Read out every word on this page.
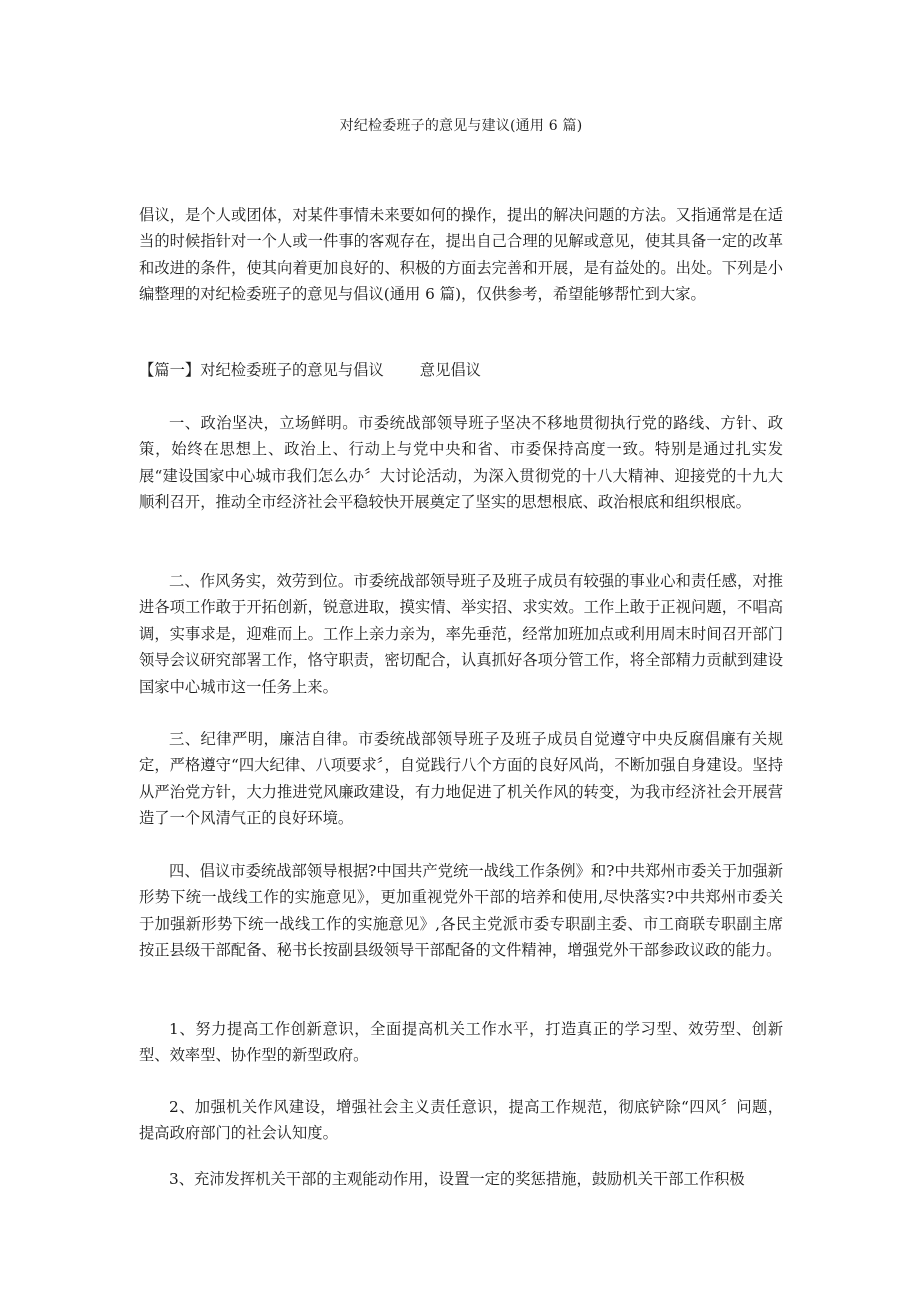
对纪检委班子的意见与建议(通用 6 篇)

倡议，是个人或团体，对某件事情未来要如何的操作，提出的解决问题的方法。又指通常是在适当的时候指针对一个人或一件事的客观存在，提出自己合理的见解或意见，使其具备一定的改革和改进的条件，使其向着更加良好的、积极的方面去完善和开展，是有益处的。出处。下列是小编整理的对纪检委班子的意见与倡议(通用 6 篇)，仅供参考，希望能够帮忙到大家。

【篇一】对纪检委班子的意见与倡议 意见倡议

一、政治坚决，立场鲜明。市委统战部领导班子坚决不移地贯彻执行党的路线、方针、政策，始终在思想上、政治上、行动上与党中央和省、市委保持高度一致。特别是通过扎实发展“建设国家中心城市我们怎么办〞大讨论活动，为深入贯彻党的十八大精神、迎接党的十九大顺利召开，推动全市经济社会平稳较快开展奠定了坚实的思想根底、政治根底和组织根底。

二、作风务实，效劳到位。市委统战部领导班子及班子成员有较强的事业心和责任感，对推进各项工作敢于开拓创新，锐意进取，摸实情、举实招、求实效。工作上敢于正视问题，不唱高调，实事求是，迎难而上。工作上亲力亲为，率先垂范，经常加班加点或利用周末时间召开部门领导会议研究部署工作，恪守职责，密切配合，认真抓好各项分管工作，将全部精力贡献到建设国家中心城市这一任务上来。

三、纪律严明，廉洁自律。市委统战部领导班子及班子成员自觉遵守中央反腐倡廉有关规定，严格遵守“四大纪律、八项要求〞，自觉践行八个方面的良好风尚，不断加强自身建设。坚持从严治党方针，大力推进党风廉政建设，有力地促进了机关作风的转变，为我市经济社会开展营造了一个风清气正的良好环境。

四、倡议市委统战部领导根据?中国共产党统一战线工作条例》和?中共郑州市委关于加强新形势下统一战线工作的实施意见》，更加重视党外干部的培养和使用,尽快落实?中共郑州市委关于加强新形势下统一战线工作的实施意见》,各民主党派市委专职副主委、市工商联专职副主席按正县级干部配备、秘书长按副县级领导干部配备的文件精神，增强党外干部参政议政的能力。

1、努力提高工作创新意识，全面提高机关工作水平，打造真正的学习型、效劳型、创新型、效率型、协作型的新型政府。

2、加强机关作风建设，增强社会主义责任意识，提高工作规范，彻底铲除“四风〞问题，提高政府部门的社会认知度。

3、充沛发挥机关干部的主观能动作用，设置一定的奖惩措施，鼓励机关干部工作积极
